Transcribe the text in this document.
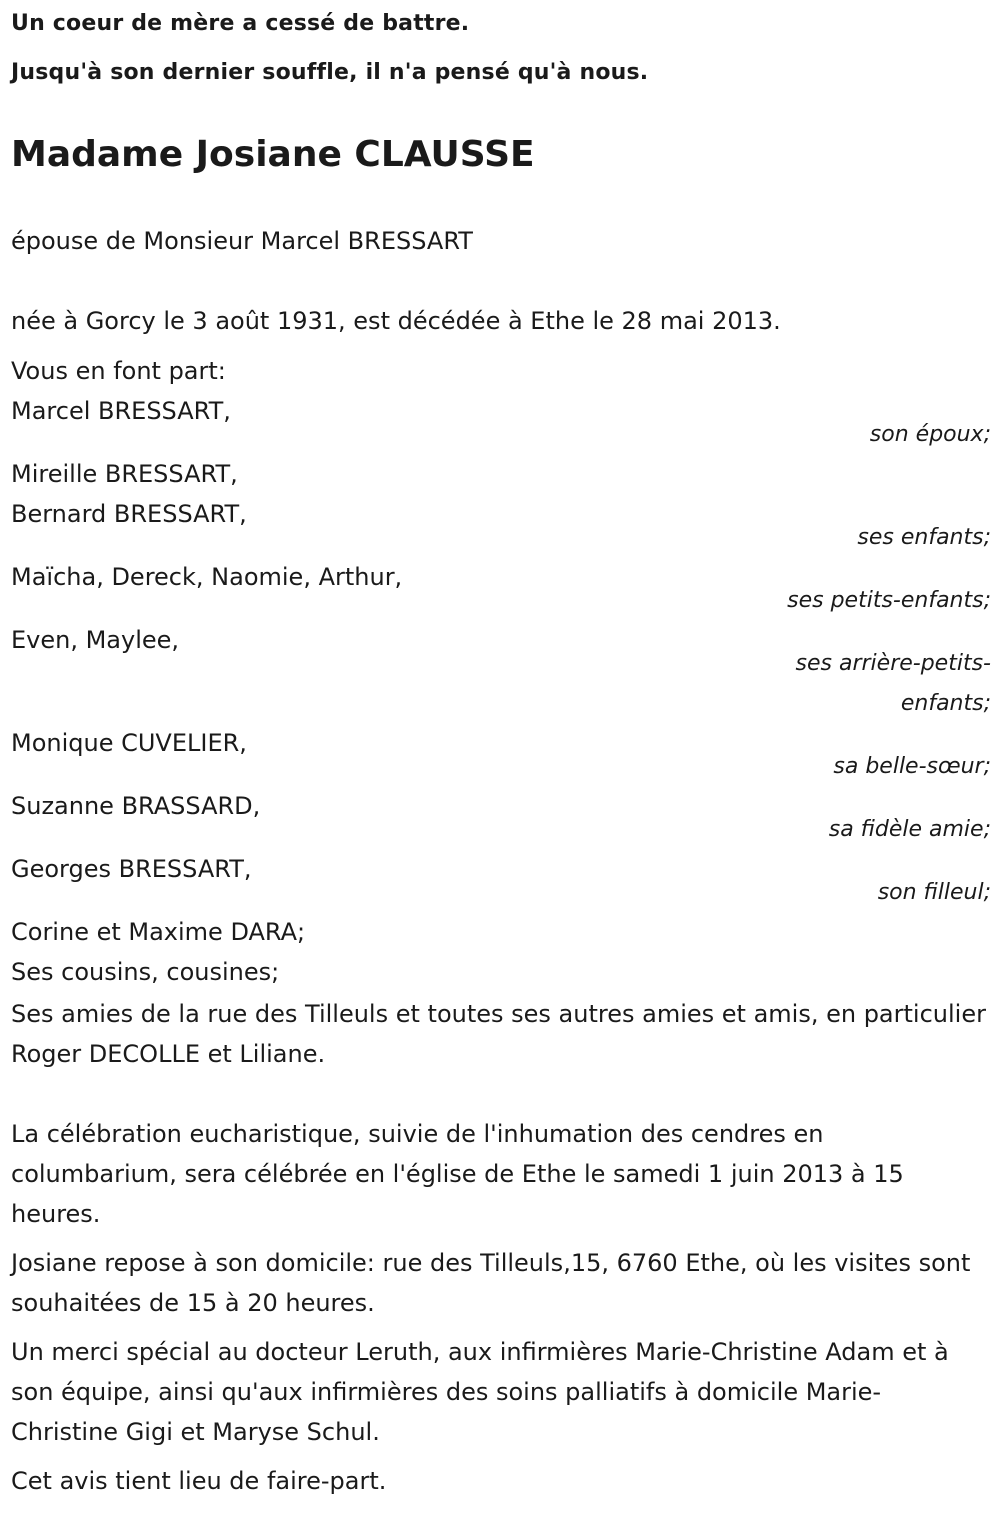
Un coeur de mère a cessé de battre.

Jusqu'à son dernier souffle, il n'a pensé qu'à nous.

Madame Josiane CLAUSSE

épouse de Monsieur Marcel BRESSART

née à Gorcy le 3 août 1931, est décédée à Ethe le 28 mai 2013.

Vous en font part:

Marcel BRESSART,

son époux;

Mireille BRESSART,

Bernard BRESSART,

ses enfants;

Maïcha, Dereck, Naomie, Arthur,

ses petits-enfants;

Even, Maylee,

ses arrière-petits-

enfants;

Monique CUVELIER,

sa belle-sœur;

Suzanne BRASSARD,

sa fidèle amie;

Georges BRESSART,

son filleul;

Corine et Maxime DARA;

Ses cousins, cousines;

Ses amies de la rue des Tilleuls et toutes ses autres amies et amis, en particulier Roger DECOLLE et Liliane.

La célébration eucharistique, suivie de l'inhumation des cendres en columbarium, sera célébrée en l'église de Ethe le samedi 1 juin 2013 à 15 heures.

Josiane repose à son domicile: rue des Tilleuls,15, 6760 Ethe, où les visites sont souhaitées de 15 à 20 heures.

Un merci spécial au docteur Leruth, aux infirmières Marie-Christine Adam et à son équipe, ainsi qu'aux infirmières des soins palliatifs à domicile Marie-Christine Gigi et Maryse Schul.

Cet avis tient lieu de faire-part.
